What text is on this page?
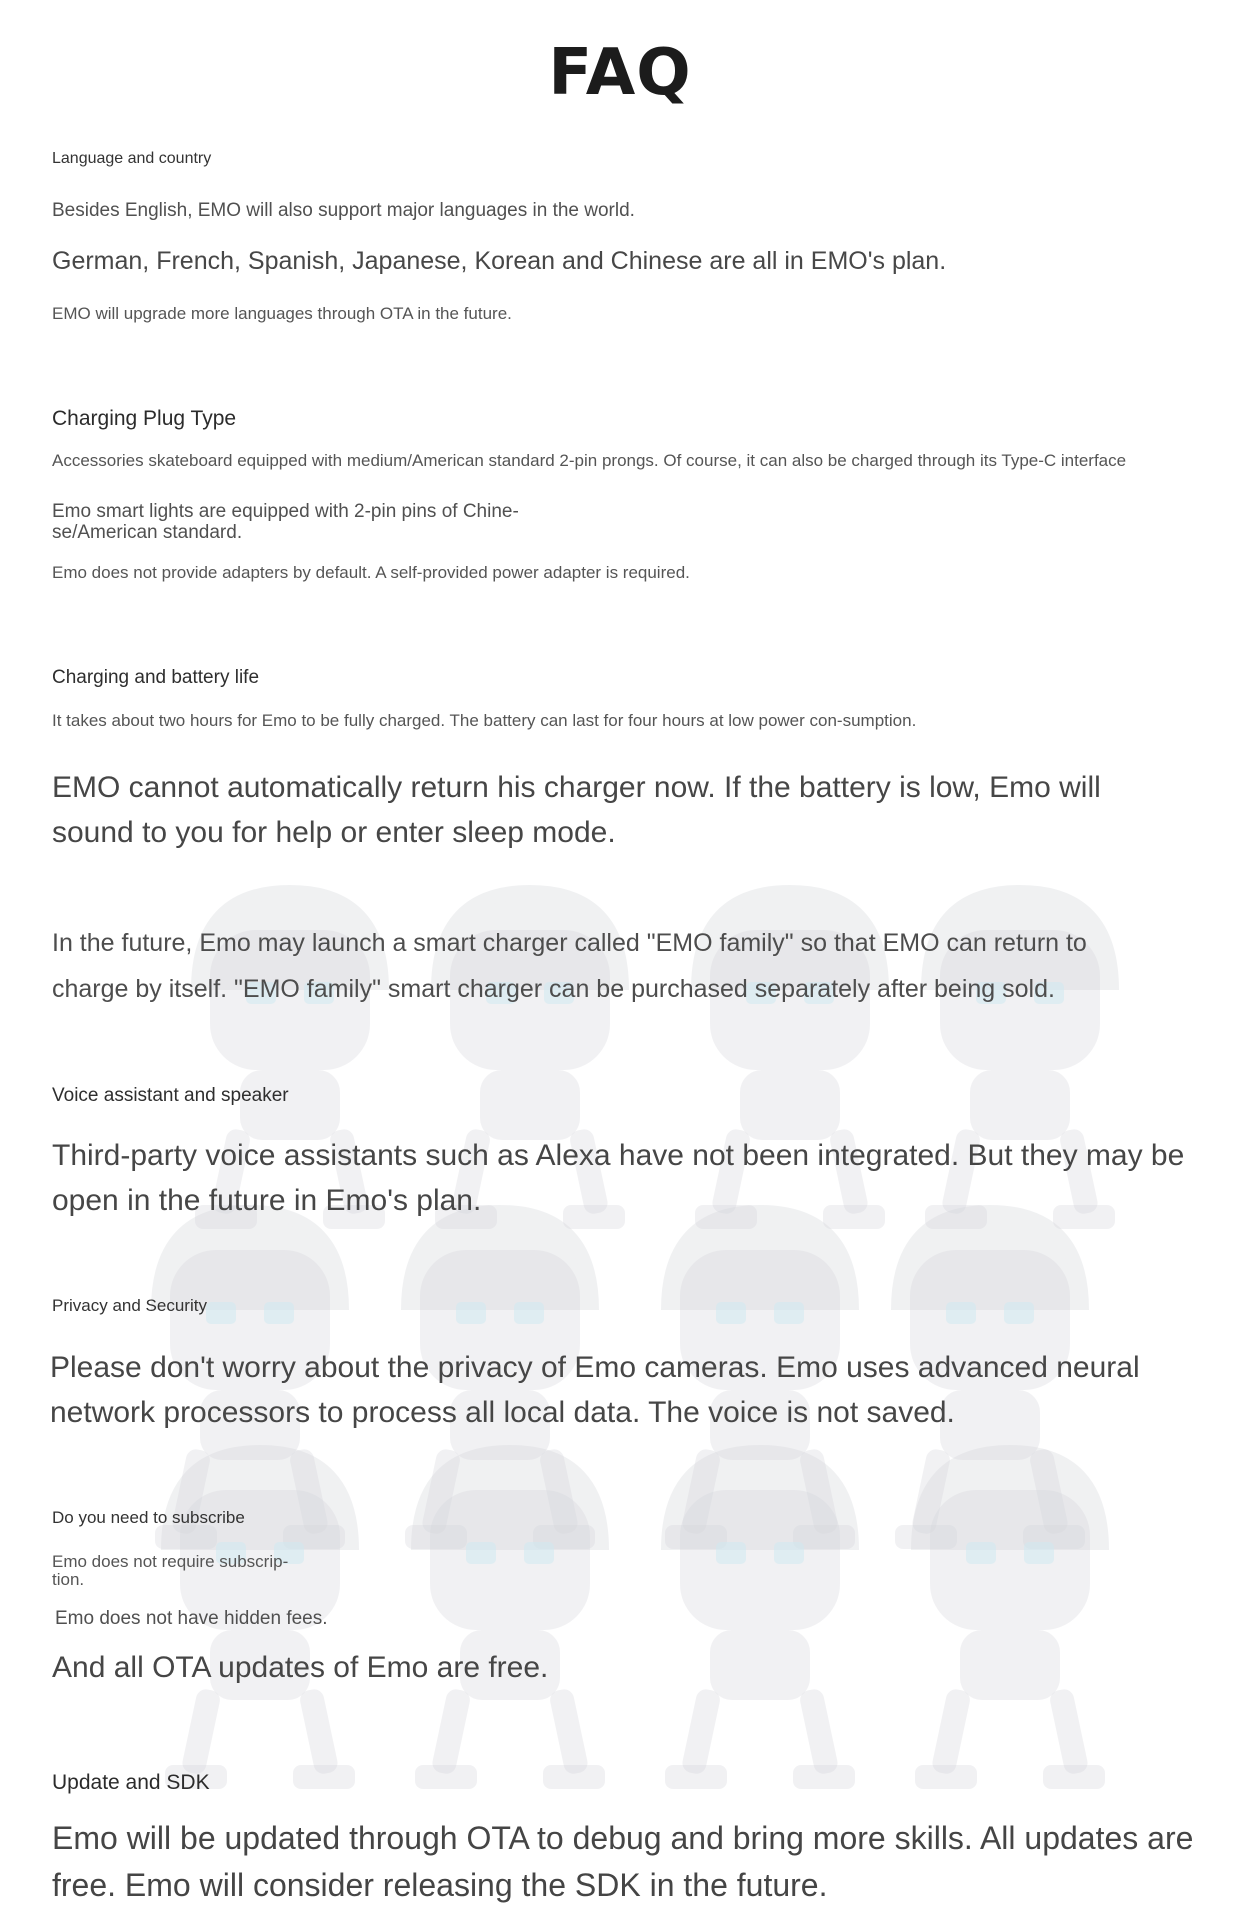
FAQ

Language and country

Besides English, EMO will also support major languages in the world.

German, French, Spanish, Japanese, Korean and Chinese are all in EMO's plan.

EMO will upgrade more languages through OTA in the future.

Charging Plug Type

Accessories skateboard equipped with medium/American standard 2-pin prongs. Of course, it can also be charged through its Type-C interface

Emo smart lights are equipped with 2-pin pins of Chine-se/American standard.

Emo does not provide adapters by default. A self-provided power adapter is required.

Charging and battery life

It takes about two hours for Emo to be fully charged. The battery can last for four hours at low power con-sumption.

EMO cannot automatically return his charger now. If the battery is low, Emo will sound to you for help or enter sleep mode.

In the future, Emo may launch a smart charger called "EMO family" so that EMO can return to charge by itself. "EMO family" smart charger can be purchased separately after being sold.

Voice assistant and speaker

Third-party voice assistants such as Alexa have not been integrated. But they may be open in the future in Emo's plan.

Privacy and Security

Please don't worry about the privacy of Emo cameras. Emo uses advanced neural network processors to process all local data. The voice is not saved.

Do you need to subscribe

Emo does not require subscrip-tion.

Emo does not have hidden fees.

And all OTA updates of Emo are free.

Update and SDK

Emo will be updated through OTA to debug and bring more skills. All updates are free. Emo will consider releasing the SDK in the future.
